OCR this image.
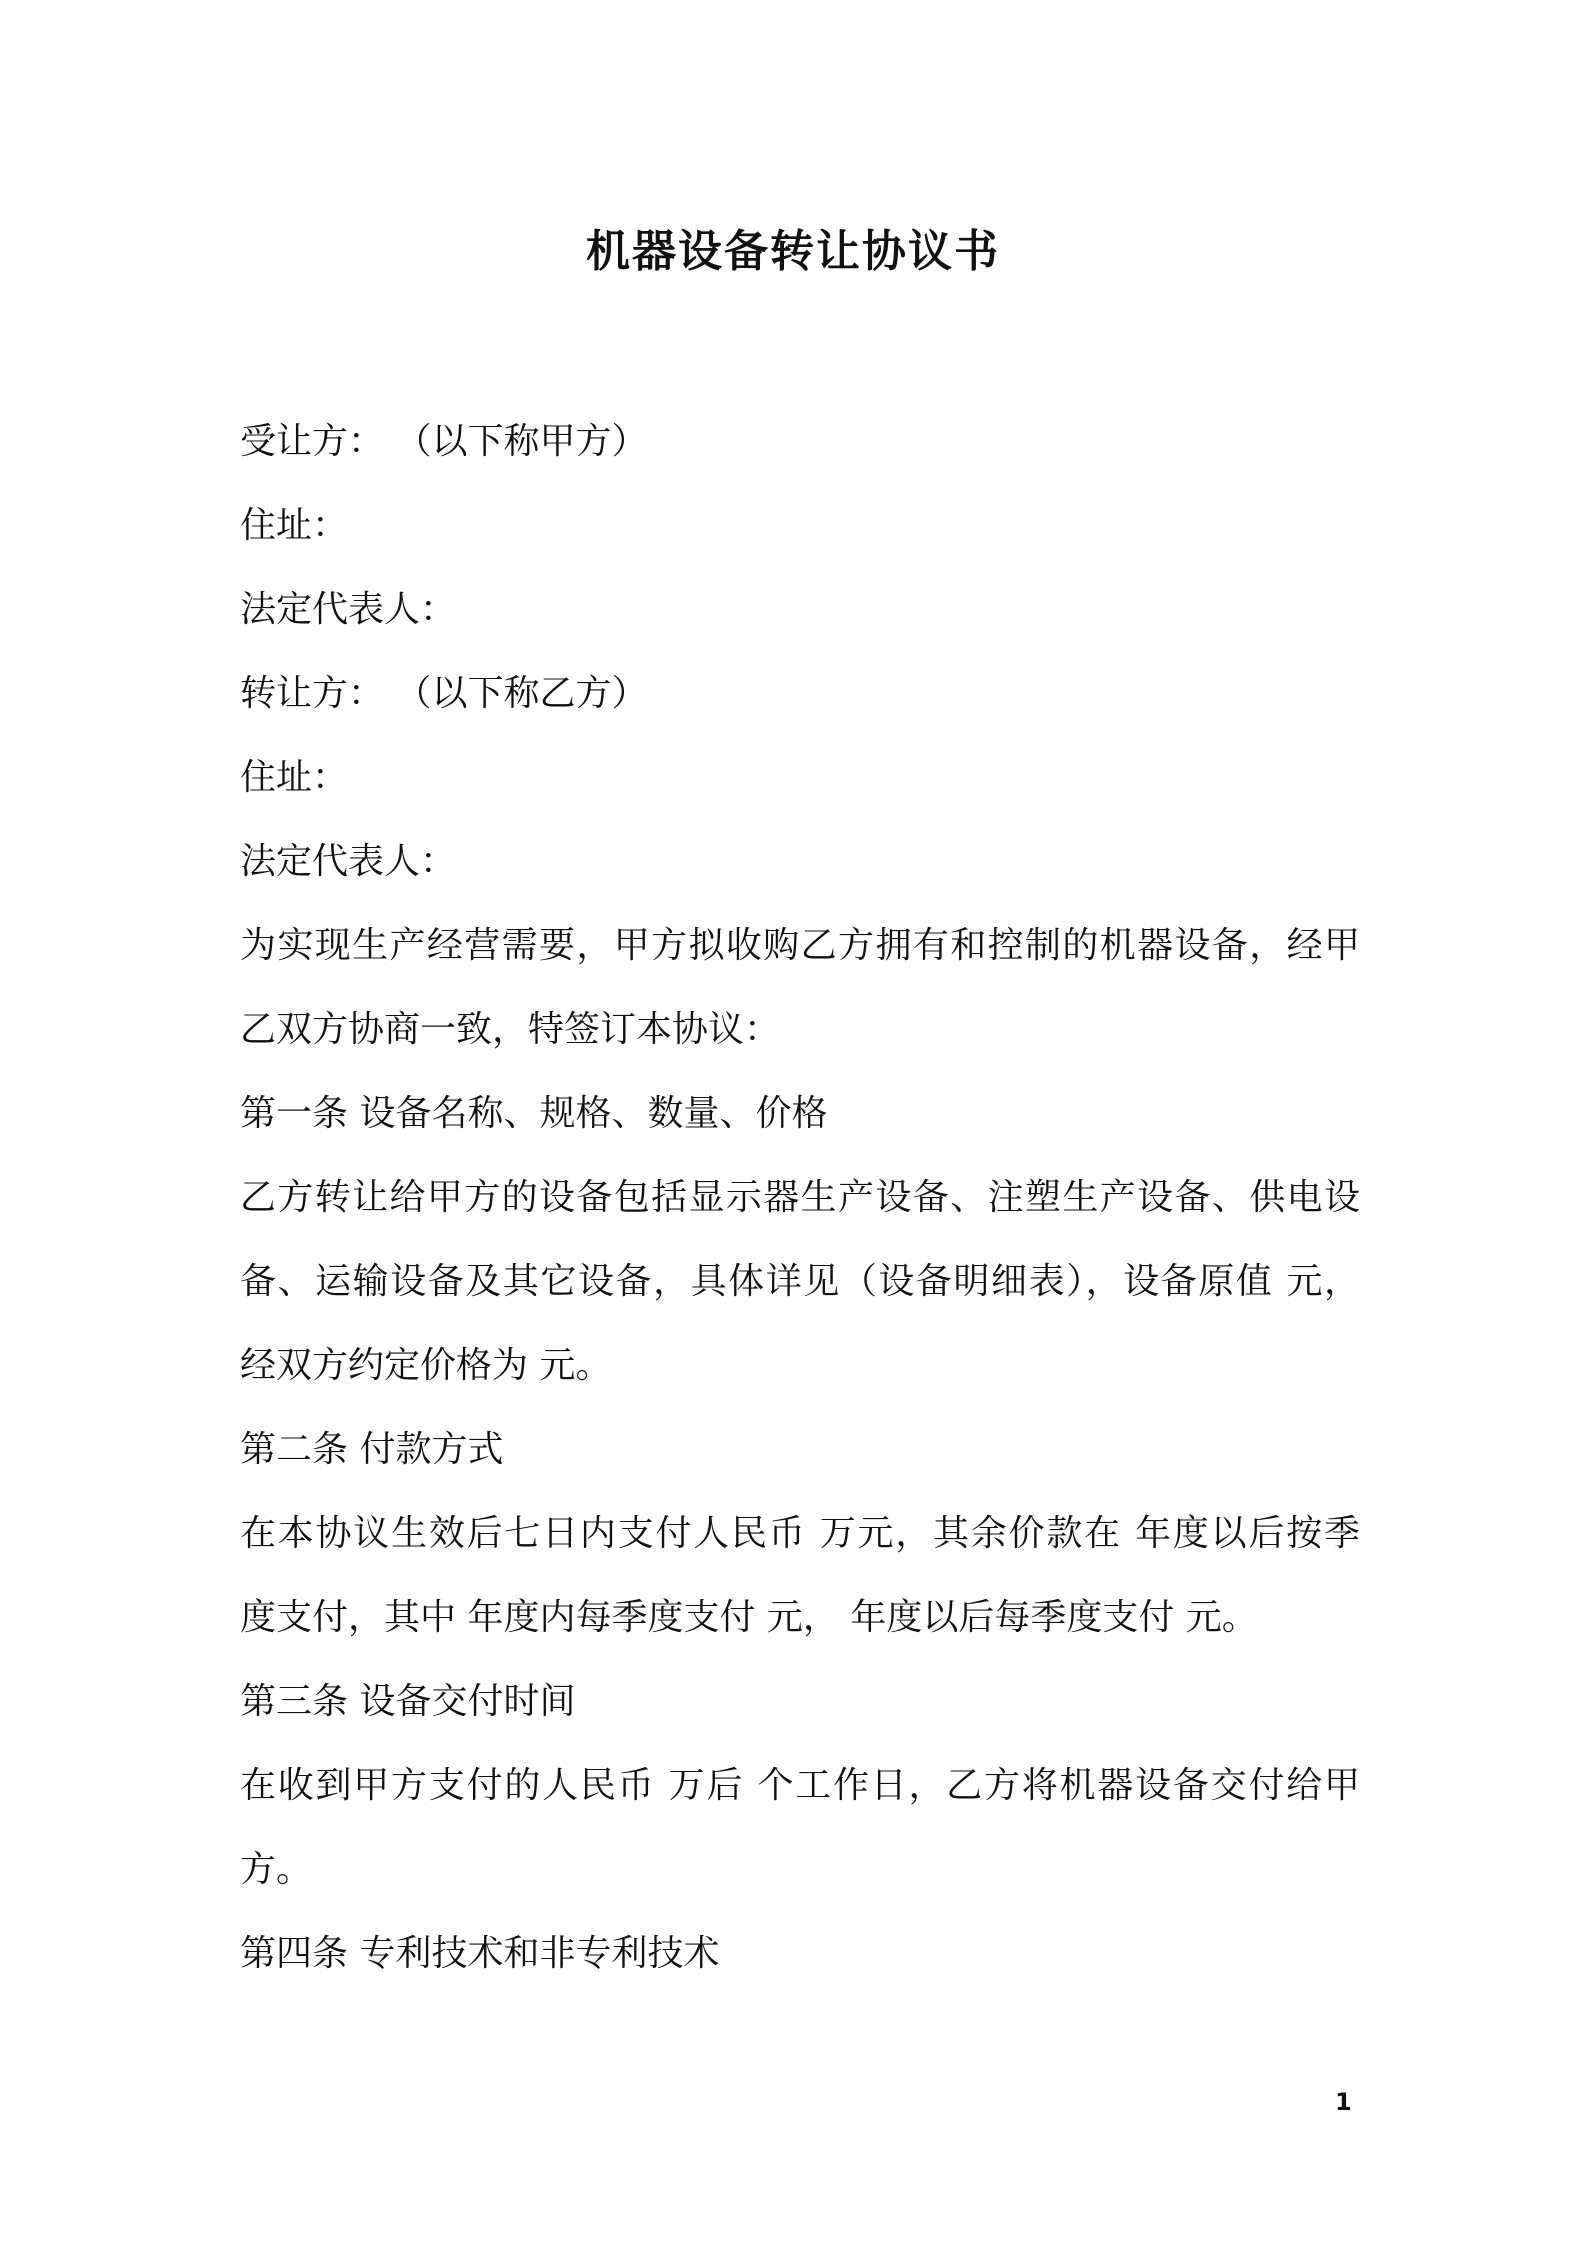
机器设备转让协议书
受让方： （以下称甲方）
住址：
法定代表人：
转让方： （以下称乙方）
住址：
法定代表人：
为实现生产经营需要，甲方拟收购乙方拥有和控制的机器设备，经甲
乙双方协商一致，特签订本协议：
第一条 设备名称、规格、数量、价格
乙方转让给甲方的设备包括显示器生产设备、注塑生产设备、供电设
备、运输设备及其它设备，具体详见（设备明细表），设备原值 元，
经双方约定价格为 元。
第二条 付款方式
在本协议生效后七日内支付人民币 万元，其余价款在 年度以后按季
度支付，其中 年度内每季度支付 元， 年度以后每季度支付 元。
第三条 设备交付时间
在收到甲方支付的人民币 万后 个工作日，乙方将机器设备交付给甲
方。
第四条 专利技术和非专利技术
1
